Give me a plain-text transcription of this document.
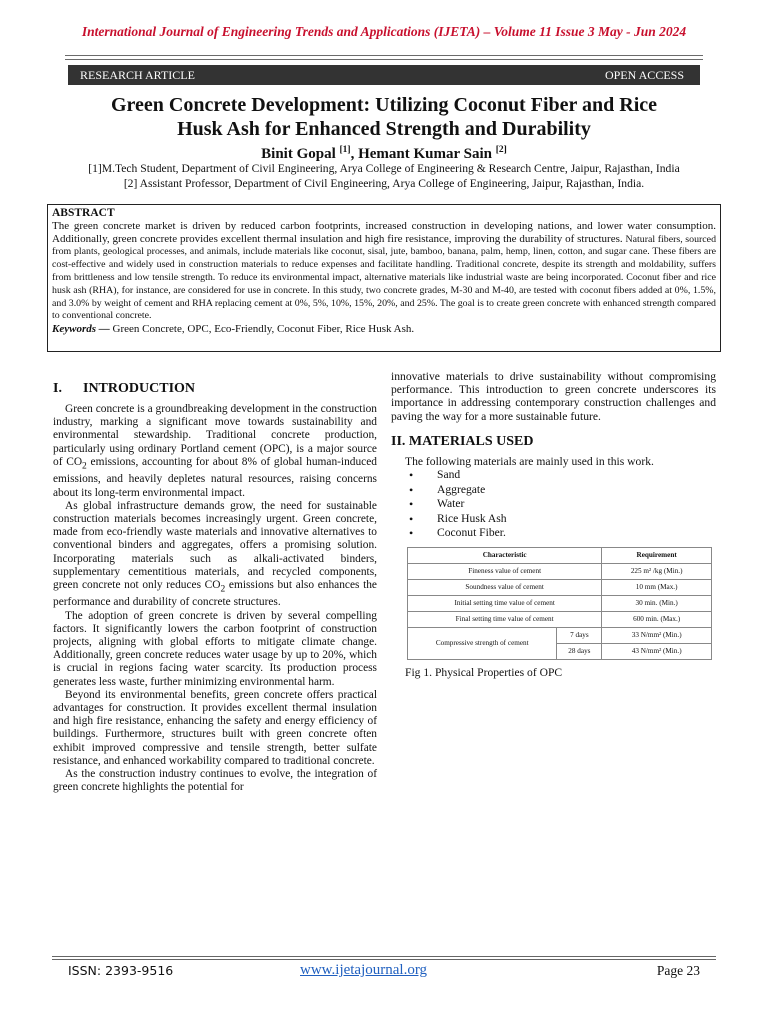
International Journal of Engineering Trends and Applications (IJETA) – Volume 11 Issue 3 May - Jun 2024
RESEARCH ARTICLE	OPEN ACCESS
Green Concrete Development: Utilizing Coconut Fiber and Rice
Husk Ash for Enhanced Strength and Durability
Binit Gopal [1], Hemant Kumar Sain [2]
[1]M.Tech Student, Department of Civil Engineering, Arya College of Engineering & Research Centre, Jaipur, Rajasthan, India
[2] Assistant Professor, Department of Civil Engineering, Arya College of Engineering, Jaipur, Rajasthan, India.
ABSTRACT
The green concrete market is driven by reduced carbon footprints, increased construction in developing nations, and lower water consumption. Additionally, green concrete provides excellent thermal insulation and high fire resistance, improving the durability of structures. Natural fibers, sourced from plants, geological processes, and animals, include materials like coconut, sisal, jute, bamboo, banana, palm, hemp, linen, cotton, and sugar cane. These fibers are cost-effective and widely used in construction materials to reduce expenses and facilitate handling. Traditional concrete, despite its strength and moldability, suffers from brittleness and low tensile strength. To reduce its environmental impact, alternative materials like industrial waste are being incorporated. Coconut fiber and rice husk ash (RHA), for instance, are considered for use in concrete. In this study, two concrete grades, M-30 and M-40, are tested with coconut fibers added at 0%, 1.5%, and 3.0% by weight of cement and RHA replacing cement at 0%, 5%, 10%, 15%, 20%, and 25%. The goal is to create green concrete with enhanced strength compared to conventional concrete.
Keywords — Green Concrete, OPC, Eco-Friendly, Coconut Fiber, Rice Husk Ash.
I. INTRODUCTION

Green concrete is a groundbreaking development in the construction industry, marking a significant move towards sustainability and environmental stewardship. Traditional concrete production, particularly using ordinary Portland cement (OPC), is a major source of $CO_2$ emissions, accounting for about 8% of global human-induced emissions, and heavily depletes natural resources, raising concerns about its long-term environmental impact.

As global infrastructure demands grow, the need for sustainable construction materials becomes increasingly urgent. Green concrete, made from eco-friendly waste materials and innovative alternatives to conventional binders and aggregates, offers a promising solution. Incorporating materials such as alkali-activated binders, supplementary cementitious materials, and recycled components, green concrete not only reduces $CO_2$ emissions but also enhances the performance and durability of concrete structures.

The adoption of green concrete is driven by several compelling factors. It significantly lowers the carbon footprint of construction projects, aligning with global efforts to mitigate climate change. Additionally, green concrete reduces water usage by up to 20%, which is crucial in regions facing water scarcity. Its production process generates less waste, further minimizing environmental harm.

Beyond its environmental benefits, green concrete offers practical advantages for construction. It provides excellent thermal insulation and high fire resistance, enhancing the safety and energy efficiency of buildings. Furthermore, structures built with green concrete often exhibit improved compressive and tensile strength, better sulfate resistance, and enhanced workability compared to traditional concrete.

As the construction industry continues to evolve, the integration of green concrete highlights the potential for

innovative materials to drive sustainability without compromising performance. This introduction to green concrete underscores its importance in addressing contemporary construction challenges and paving the way for a more sustainable future.

II. MATERIALS USED

The following materials are mainly used in this work.

• Sand
• Aggregate
• Water
• Rice Husk Ash
• Coconut Fiber.
Characteristic		Requirement
Fineness value of cement		225 m² /kg (Min.)
Soundness value of cement		10 mm (Max.)
Initial setting time value of cement		30 min. (Min.)
Final setting time value of cement		600 min. (Max.)
Compressive strength of cement	7 days	33 N/mm² (Min.)
	28 days	43 N/mm² (Min.)
Fig 1. Physical Properties of OPC
ISSN: 2393-9516	www.ijetajournal.org	Page 23
